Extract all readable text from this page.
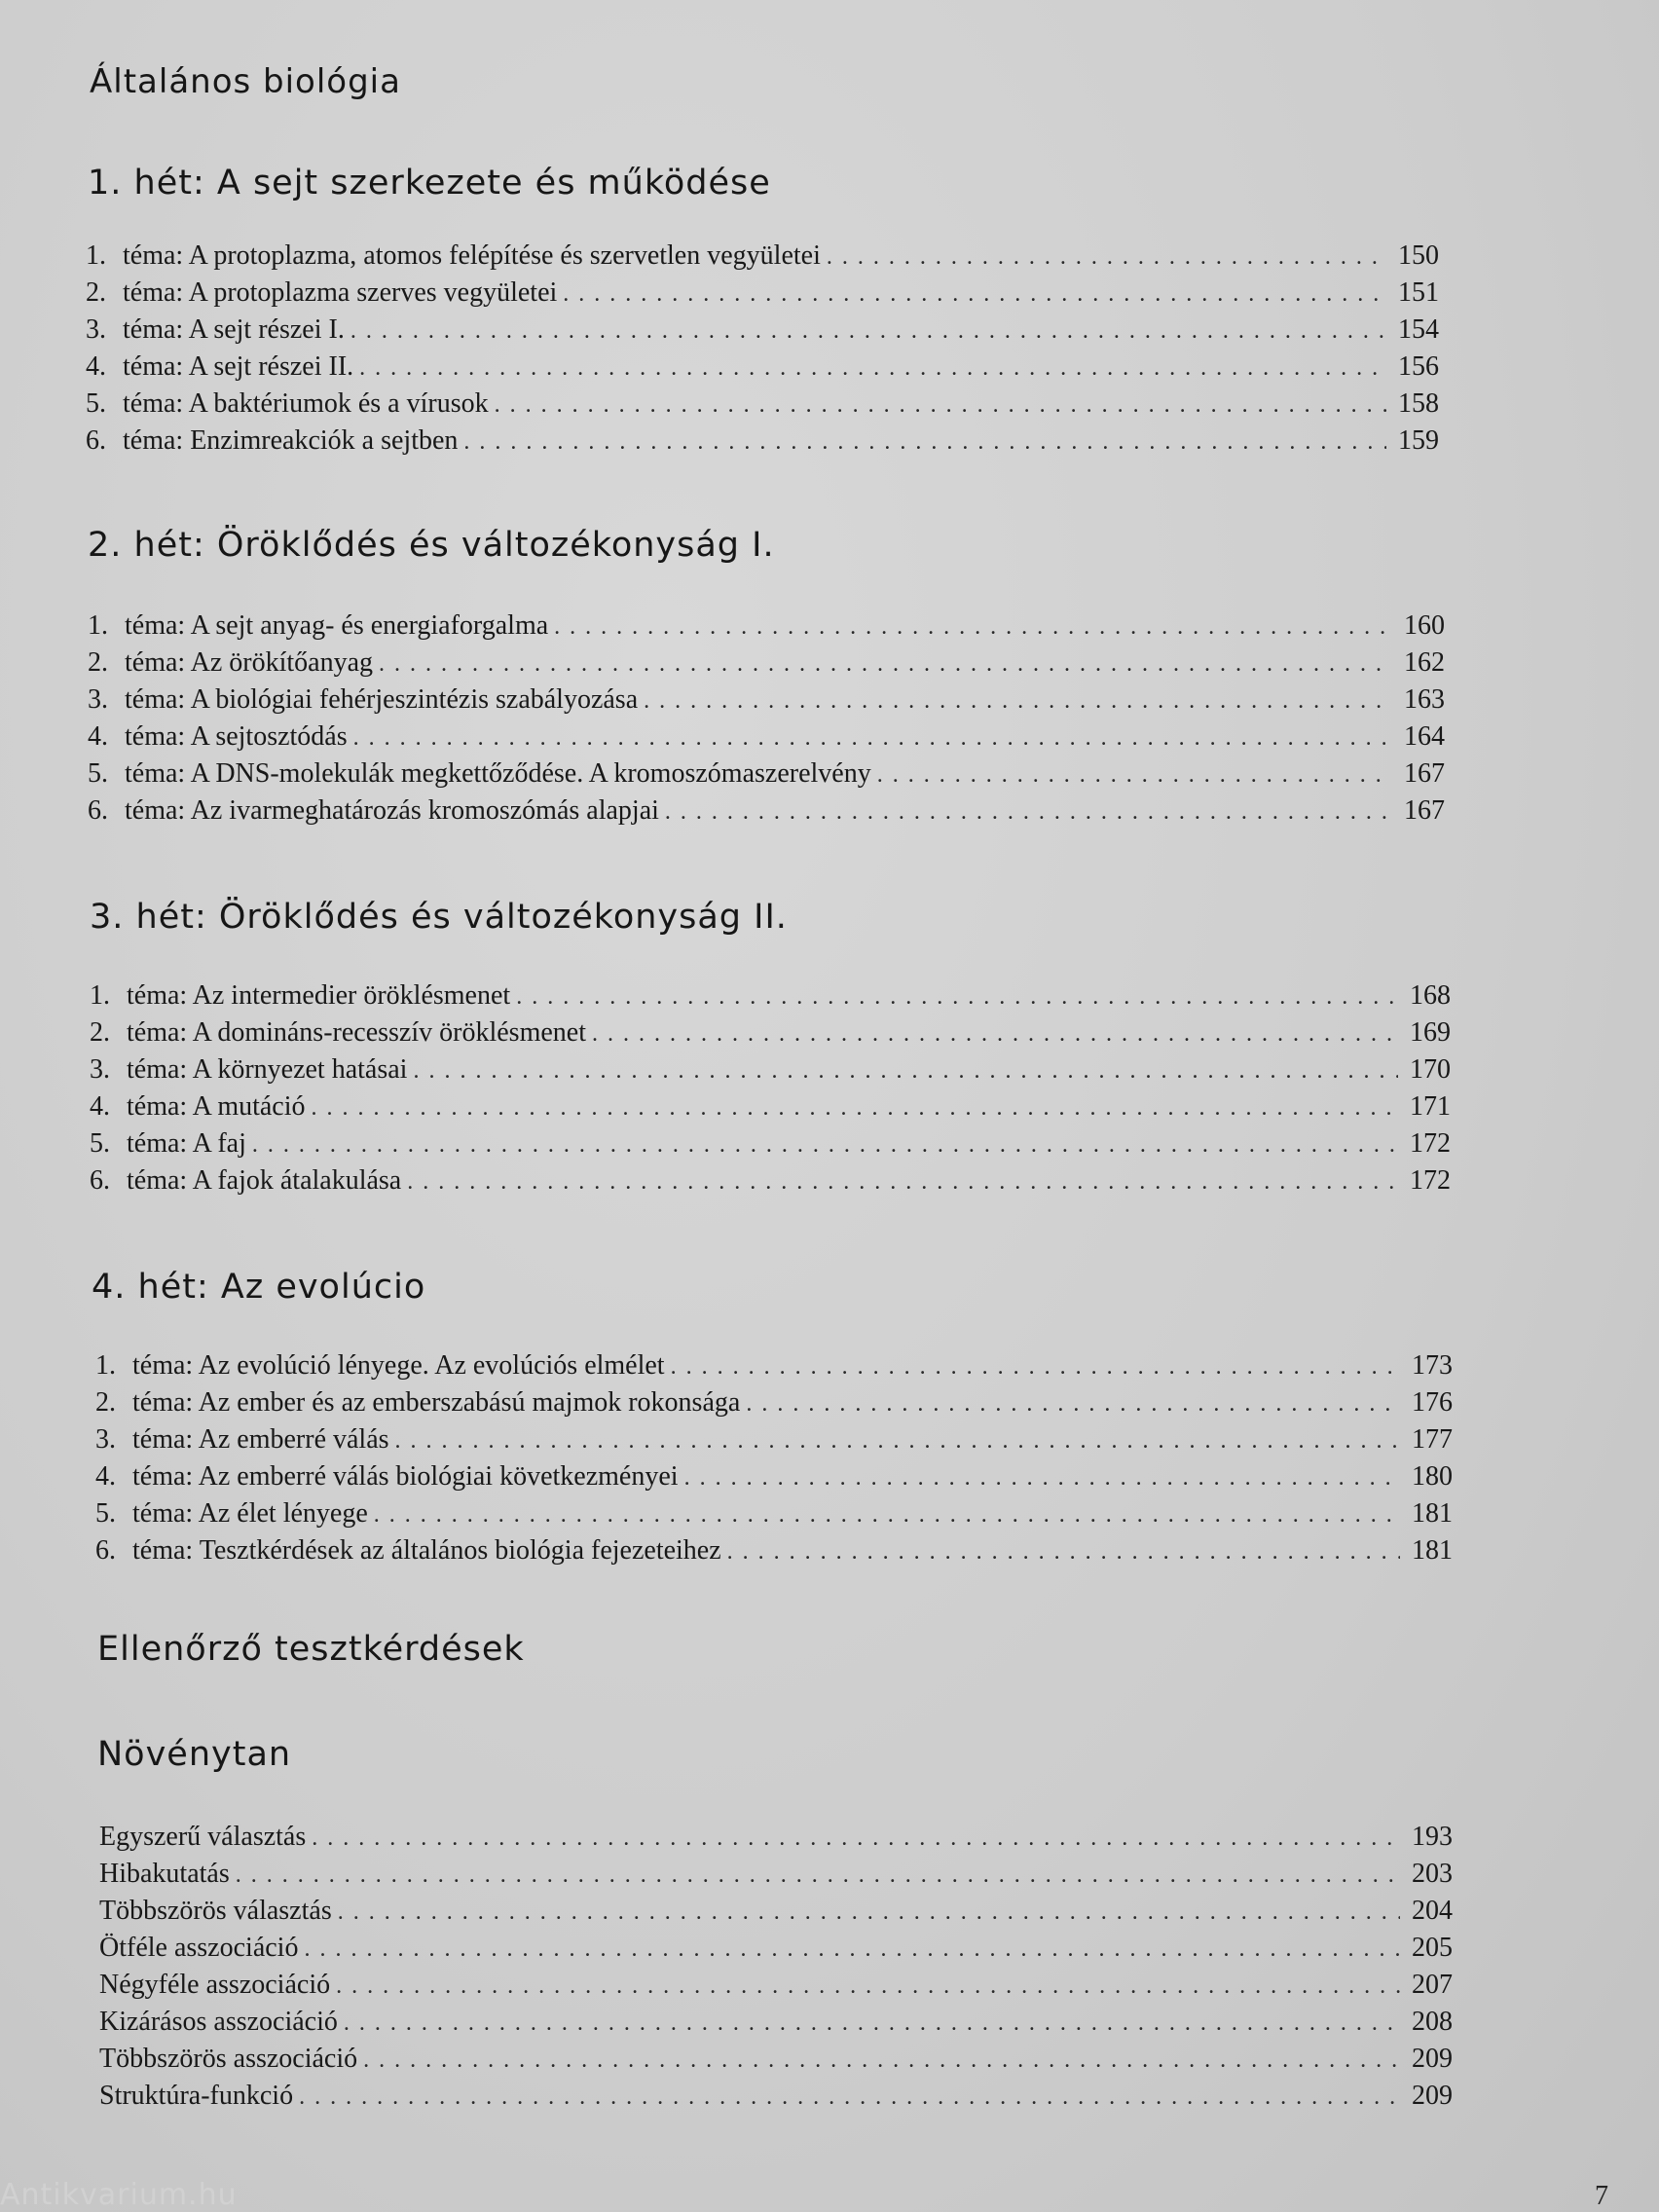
Általános biológia
1. hét: A sejt szerkezete és működése
1. téma: A protoplazma, atomos felépítése és szervetlen vegyületei . . .	150
2. téma: A protoplazma szerves vegyületei . . .	151
3. téma: A sejt részei I. . . .	154
4. téma: A sejt részei II. . . .	156
5. téma: A baktériumok és a vírusok . . .	158
6. téma: Enzimreakciók a sejtben . . .	159
2. hét: Öröklődés és változékonyság I.
1. téma: A sejt anyag- és energiaforgalma . . .	160
2. téma: Az örökítőanyag . . .	162
3. téma: A biológiai fehérjeszintézis szabályozása . . .	163
4. téma: A sejtosztódás . . .	164
5. téma: A DNS-molekulák megkettőződése. A kromoszómaszerelvény . . .	167
6. téma: Az ivarmeghatározás kromoszómás alapjai . . .	167
3. hét: Öröklődés és változékonyság II.
1. téma: Az intermedier öröklésmenet . . .	168
2. téma: A domináns-recesszív öröklésmenet . . .	169
3. téma: A környezet hatásai . . .	170
4. téma: A mutáció . . .	171
5. téma: A faj . . .	172
6. téma: A fajok átalakulása . . .	172
4. hét: Az evolúcio
1. téma: Az evolúció lényege. Az evolúciós elmélet . . .	173
2. téma: Az ember és az emberszabású majmok rokonsága . . .	176
3. téma: Az emberré válás . . .	177
4. téma: Az emberré válás biológiai következményei . . .	180
5. téma: Az élet lényege . . .	181
6. téma: Tesztkérdések az általános biológia fejezeteihez . . .	181
Ellenőrző tesztkérdések
Növénytan
Egyszerű választás . . .	193
Hibakutatás . . .	203
Többszörös választás . . .	204
Ötféle asszociáció . . .	205
Négyféle asszociáció . . .	207
Kizárásos asszociáció . . .	208
Többszörös asszociáció . . .	209
Struktúra-funkció . . .	209
Antikvarium.hu	7
